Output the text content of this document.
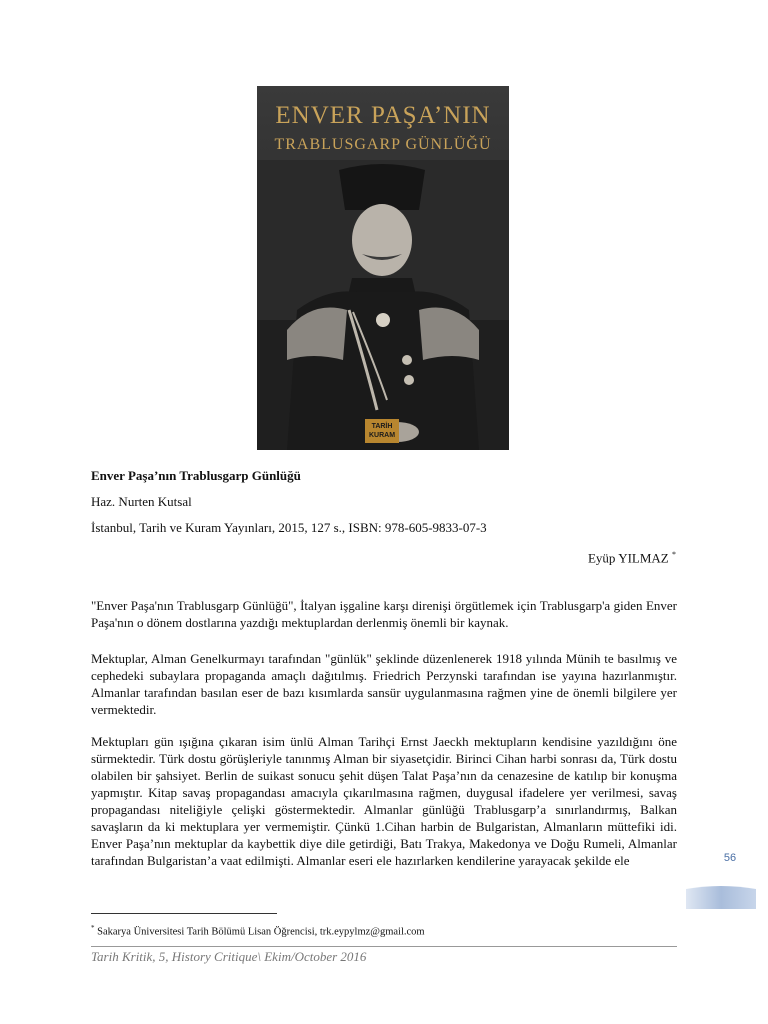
ENVER PAŞA’NIN
TRABLUSGARP GÜNLÜĞÜ
TARİH
KURAM
Enver Paşa’nın Trablusgarp Günlüğü
Haz. Nurten Kutsal
İstanbul, Tarih ve Kuram Yayınları, 2015, 127 s., ISBN: 978-605-9833-07-3
Eyüp YILMAZ *

"Enver Paşa'nın Trablusgarp Günlüğü", İtalyan işgaline karşı direnişi örgütlemek için Trablusgarp'a giden Enver Paşa'nın o dönem dostlarına yazdığı mektuplardan derlenmiş önemli bir kaynak.

Mektuplar, Alman Genelkurmayı tarafından "günlük" şeklinde düzenlenerek 1918 yılında Münih te basılmış ve cephedeki subaylara propaganda amaçlı dağıtılmış. Friedrich Perzynski tarafından ise yayına hazırlanmıştır. Almanlar tarafından basılan eser de bazı kısımlarda sansür uygulanmasına rağmen yine de önemli bilgilere yer vermektedir.

Mektupları gün ışığına çıkaran isim ünlü Alman Tarihçi Ernst Jaeckh mektupların kendisine yazıldığını öne sürmektedir. Türk dostu görüşleriyle tanınmış Alman bir siyasetçidir. Birinci Cihan harbi sonrası da, Türk dostu olabilen bir şahsiyet. Berlin de suikast sonucu şehit düşen Talat Paşa’nın da cenazesine de katılıp bir konuşma yapmıştır. Kitap savaş propagandası amacıyla çıkarılmasına rağmen, duygusal ifadelere yer verilmesi, savaş propagandası niteliğiyle çelişki göstermektedir. Almanlar günlüğü Trablusgarp’a sınırlandırmış, Balkan savaşların da ki mektuplara yer vermemiştir. Çünkü 1.Cihan harbin de Bulgaristan, Almanların müttefiki idi. Enver Paşa’nın mektuplar da kaybettik diye dile getirdiği, Batı Trakya, Makedonya ve Doğu Rumeli, Almanlar tarafından Bulgaristan’a vaat edilmişti. Almanlar eseri ele hazırlarken kendilerine yarayacak şekilde ele

* Sakarya Üniversitesi Tarih Bölümü Lisan Öğrencisi, trk.eypylmz@gmail.com
56
Tarih Kritik, 5, History Critique\ Ekim/October 2016
